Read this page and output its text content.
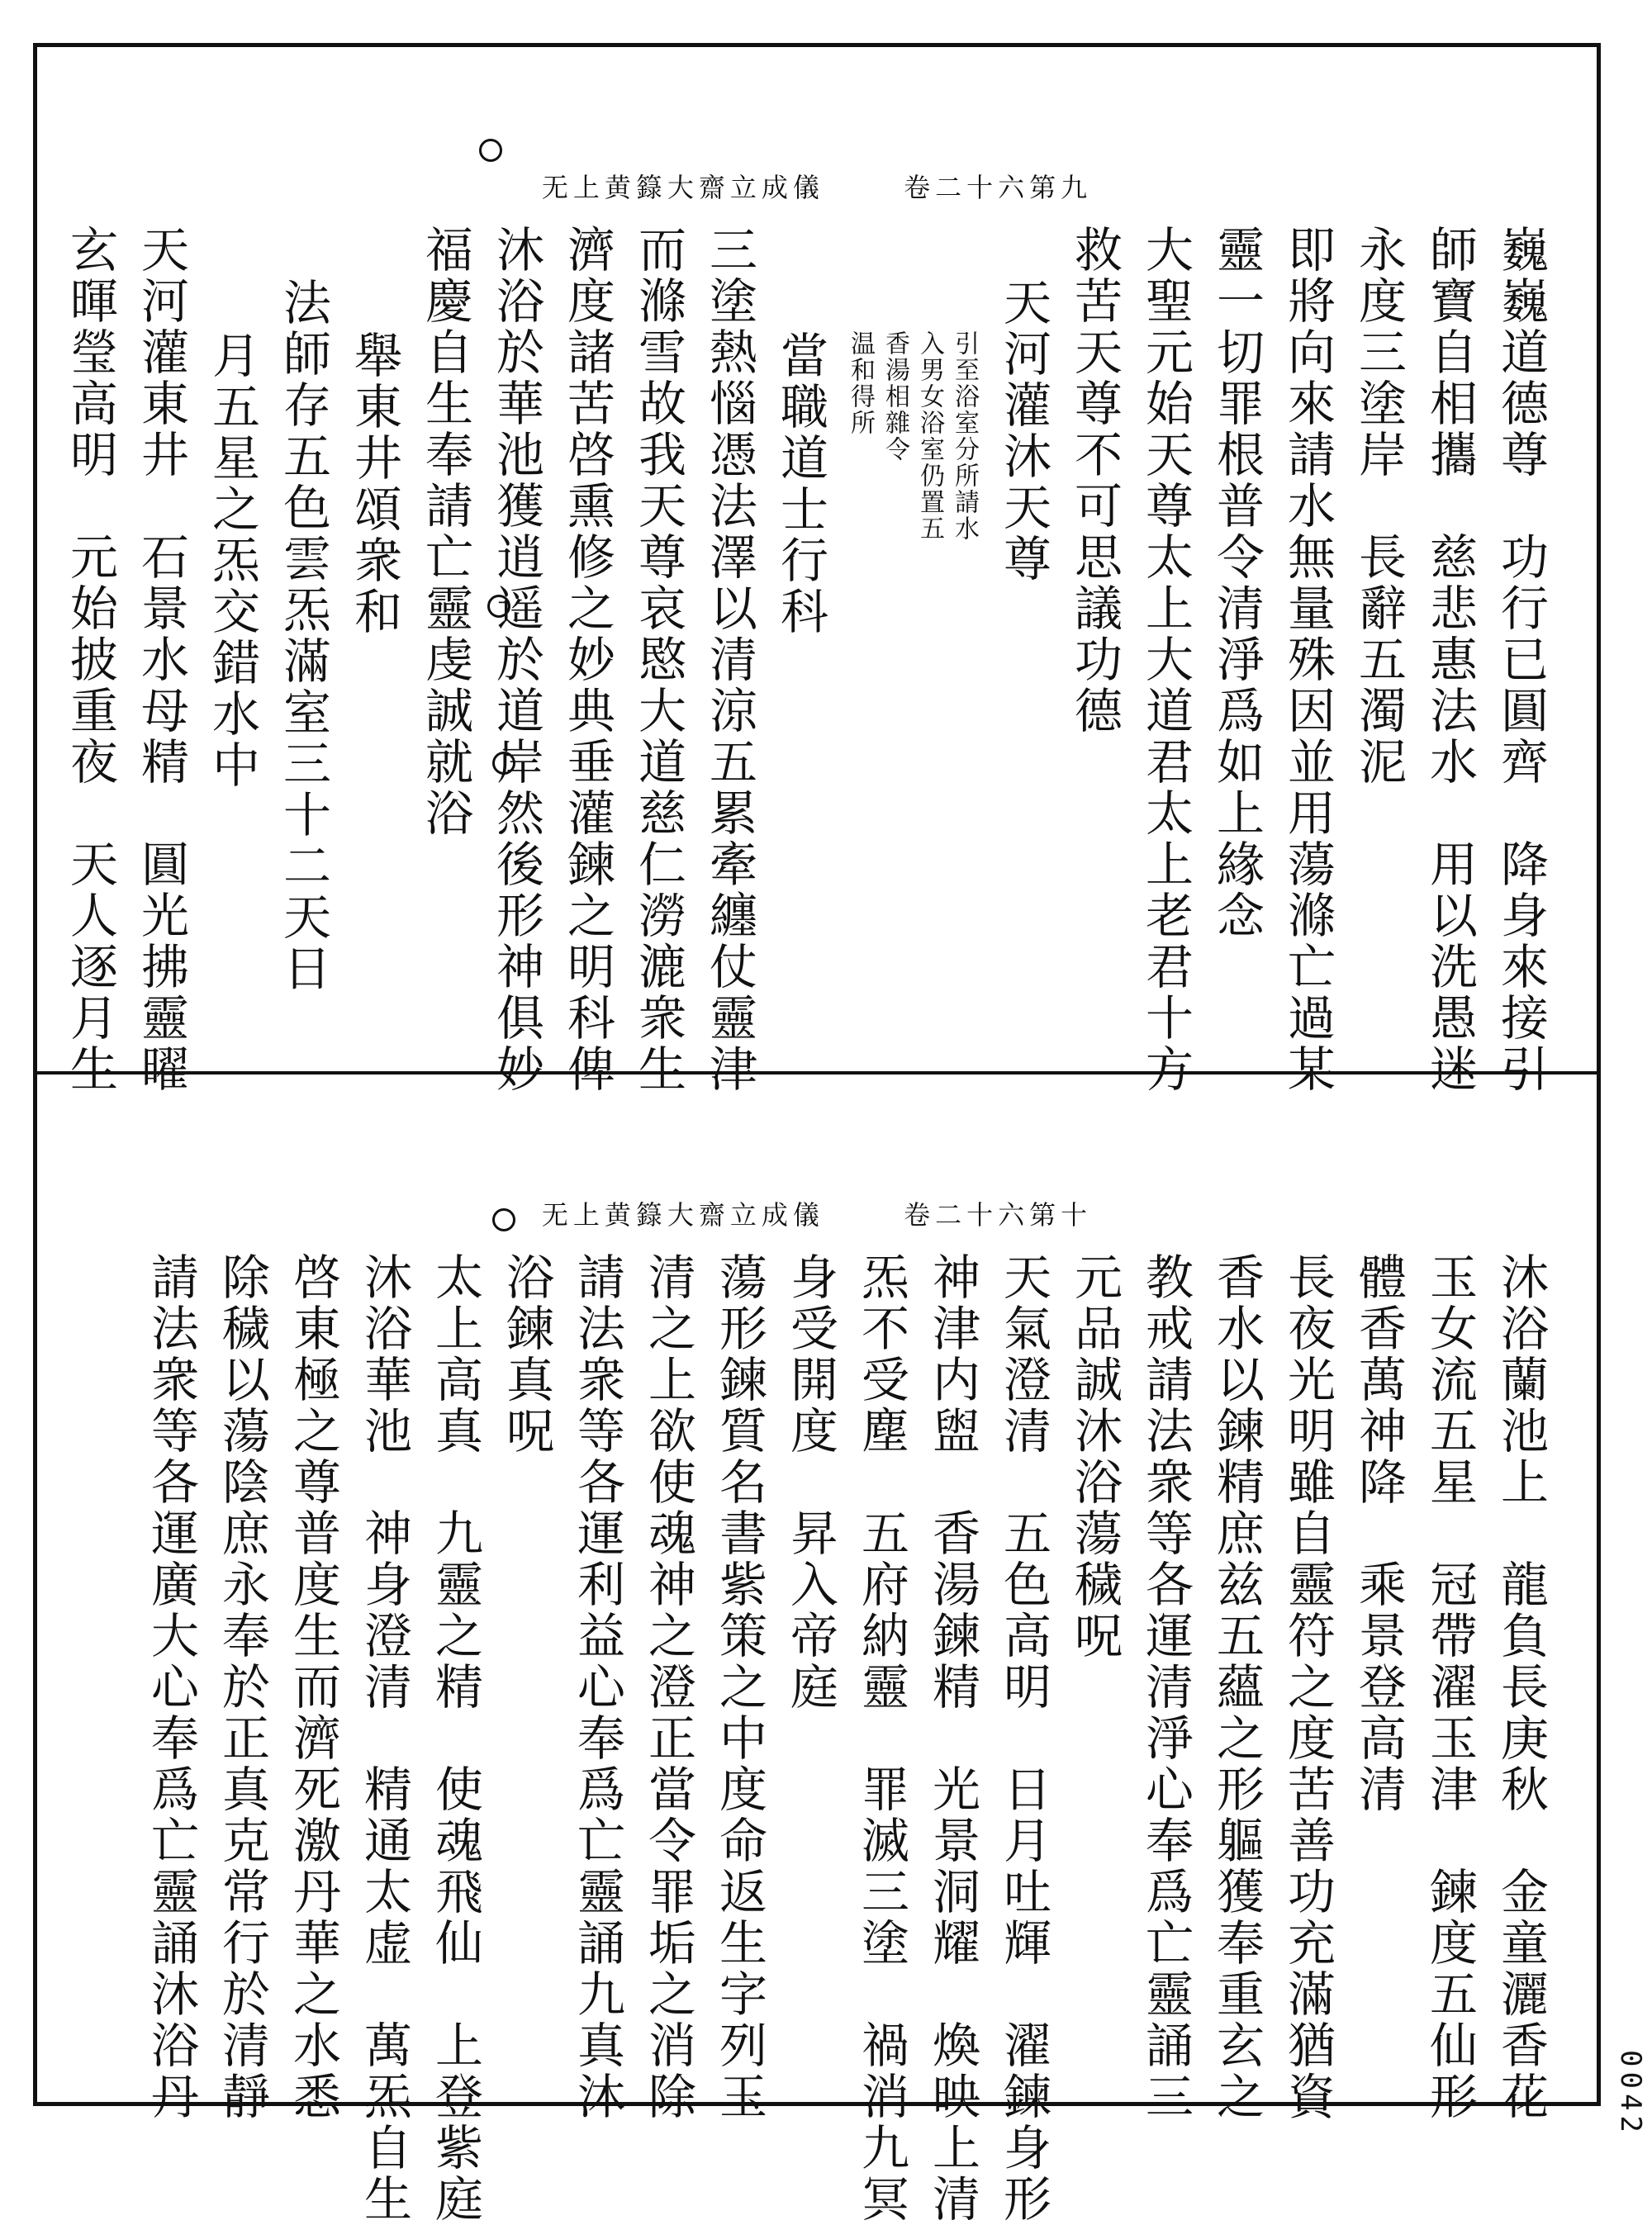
无上黄籙大齋立成儀	卷二十六第九
巍巍道德尊　功行已圓齊　降身來接引
師寶自相攜　慈悲惠法水　用以洗愚迷
永度三塗岸　長辭五濁泥
即將向來請水無量殊因並用蕩滌亡過某
靈一切罪根普令清淨爲如上緣念
大聖元始天尊太上大道君太上老君十方
救苦天尊不可思議功德
天河灌沐天尊
引至浴室分所請水
入男女浴室仍置五
香湯相雜令
温和得所
當職道士行科
三塗熱惱憑法澤以清涼五累牽纏仗靈津
而滌雪故我天尊哀愍大道慈仁澇漉衆生
濟度諸苦啓熏修之妙典垂灌鍊之明科俾
沐浴於華池獲逍遥於道岸然後形神俱妙
福慶自生奉請亡靈虔誠就浴
舉東井頌衆和
法師存五色雲炁滿室三十二天日
月五星之炁交錯水中
天河灌東井　石景水母精　圓光拂靈曜
玄暉瑩高明　元始披重夜　天人逐月生
无上黄籙大齋立成儀	卷二十六第十
沐浴蘭池上　龍負長庚秋　金童灑香花
玉女流五星　冠帶濯玉津　鍊度五仙形
體香萬神降　乘景登高清
長夜光明雖自靈符之度苦善功充滿猶資
香水以鍊精庶兹五蘊之形軀獲奉重玄之
教戒請法衆等各運清淨心奉爲亡靈誦三
元品誠沐浴蕩穢呪
天氣澄清　五色高明　日月吐輝　濯鍊身形
神津内盥　香湯鍊精　光景洞耀　煥映上清
炁不受塵　五府納靈　罪滅三塗　禍消九冥
身受開度　昇入帝庭
蕩形鍊質名書紫策之中度命返生字列玉
清之上欲使魂神之澄正當令罪垢之消除
請法衆等各運利益心奉爲亡靈誦九真沐
浴鍊真呪
太上高真　九靈之精　使魂飛仙　上登紫庭
沐浴華池　神身澄清　精通太虚　萬炁自生
啓東極之尊普度生而濟死激丹華之水悉
除穢以蕩陰庶永奉於正真克常行於清靜
請法衆等各運廣大心奉爲亡靈誦沐浴丹	0042
